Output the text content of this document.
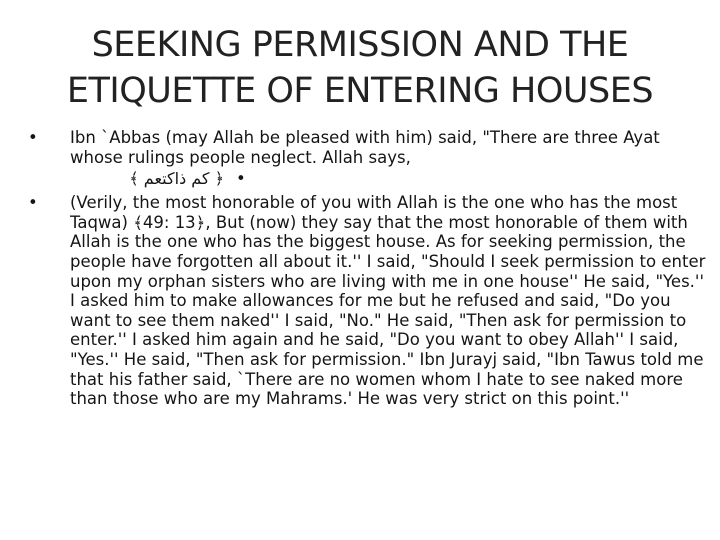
SEEKING PERMISSION AND THE
ETIQUETTE OF ENTERING HOUSES

•	Ibn `Abbas (may Allah be pleased with him) said, "There are three Ayat whose rulings people neglect. Allah says,

﴿ كم ذاكتعم ﴾ •

•	(Verily, the most honorable of you with Allah is the one who has the most Taqwa) ﴾49: 13﴿, But (now) they say that the most honorable of them with Allah is the one who has the biggest house. As for seeking permission, the people have forgotten all about it.'' I said, "Should I seek permission to enter upon my orphan sisters who are living with me in one house'' He said, "Yes.'' I asked him to make allowances for me but he refused and said, "Do you want to see them naked'' I said, "No." He said, "Then ask for permission to enter.'' I asked him again and he said, "Do you want to obey Allah'' I said, "Yes.'' He said, "Then ask for permission." Ibn Jurayj said, "Ibn Tawus told me that his father said, `There are no women whom I hate to see naked more than those who are my Mahrams.' He was very strict on this point.''
